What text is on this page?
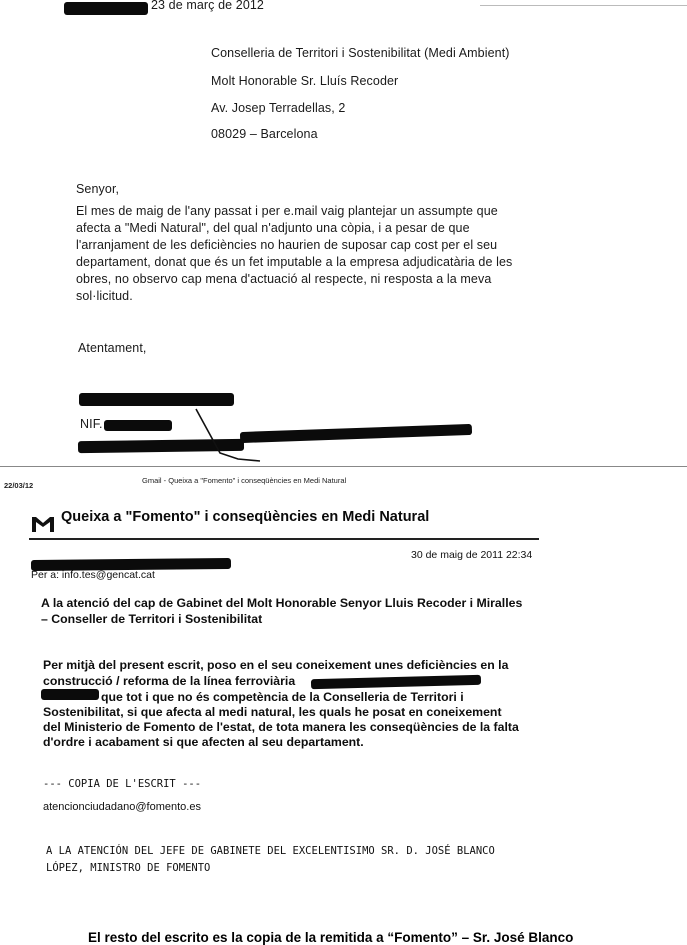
23 de març de 2012
Conselleria de Territori i Sostenibilitat (Medi Ambient)
Molt Honorable Sr. Lluís Recoder
Av. Josep Terradellas, 2
08029 – Barcelona
Senyor,
El mes de maig de l'any passat i per e.mail vaig plantejar un assumpte que
afecta a "Medi Natural", del qual n'adjunto una còpia, i a pesar de que
l'arranjament de les deficiències no haurien de suposar cap cost per el seu
departament, donat que és un fet imputable a la empresa adjudicatària de les
obres, no observo cap mena d'actuació al respecte, ni resposta a la meva
sol·licitud.
Atentament,
NIF.
22/03/12
Gmail - Queixa a "Fomento" i conseqüències en Medi Natural
Queixa a "Fomento" i conseqüències en Medi Natural
30 de maig de 2011 22:34
Per a: info.tes@gencat.cat
A la atenció del cap de Gabinet del Molt Honorable Senyor Lluis Recoder i Miralles
– Conseller de Territori i Sostenibilitat
Per mitjà del present escrit, poso en el seu coneixement unes deficiències en la
construcció / reforma de la línea ferroviària
que tot i que no és competència de la Conselleria de Territori i
Sostenibilitat, si que afecta al medi natural, les quals he posat en coneixement
del Ministerio de Fomento de l'estat, de tota manera les conseqüències de la falta
d'ordre i acabament si que afecten al seu departament.
--- COPIA DE L'ESCRIT ---
atencionciudadano@fomento.es
A LA ATENCIÓN DEL JEFE DE GABINETE DEL EXCELENTISIMO SR. D. JOSÉ BLANCO
LÓPEZ, MINISTRO DE FOMENTO
El resto del escrito es la copia de la remitida a “Fomento” – Sr. José Blanco
